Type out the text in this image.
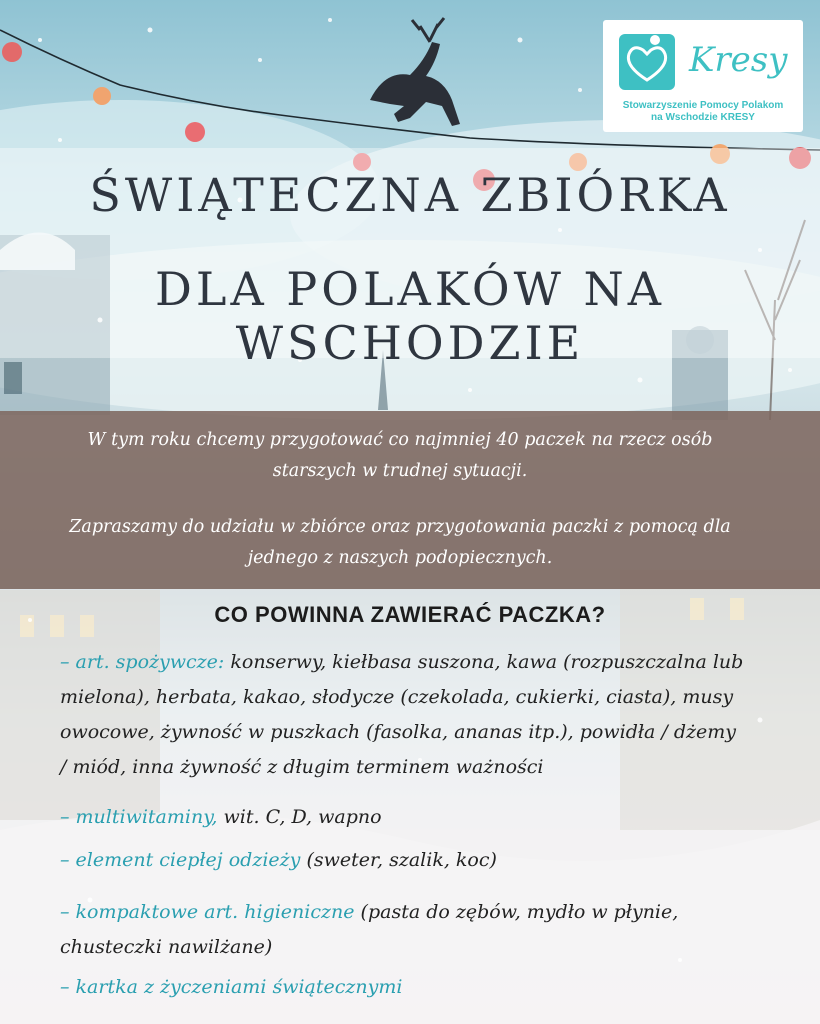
Kresy
Stowarzyszenie Pomocy Polakom
na Wschodzie KRESY
ŚWIĄTECZNA ZBIÓRKA
DLA POLAKÓW NA WSCHODZIE

W tym roku chcemy przygotować co najmniej 40 paczek na rzecz osób
starszych w trudnej sytuacji.

Zapraszamy do udziału w zbiórce oraz przygotowania paczki z pomocą dla
jednego z naszych podopiecznych.

CO POWINNA ZAWIERAĆ PACZKA?
– art. spożywcze: konserwy, kiełbasa suszona, kawa (rozpuszczalna lub
mielona), herbata, kakao, słodycze (czekolada, cukierki, ciasta), musy
owocowe, żywność w puszkach (fasolka, ananas itp.), powidła / dżemy
/ miód, inna żywność z długim terminem ważności
– multiwitaminy, wit. C, D, wapno
– element ciepłej odzieży (sweter, szalik, koc)
– kompaktowe art. higieniczne (pasta do zębów, mydło w płynie,
chusteczki nawilżane)
– kartka z życzeniami świątecznymi
